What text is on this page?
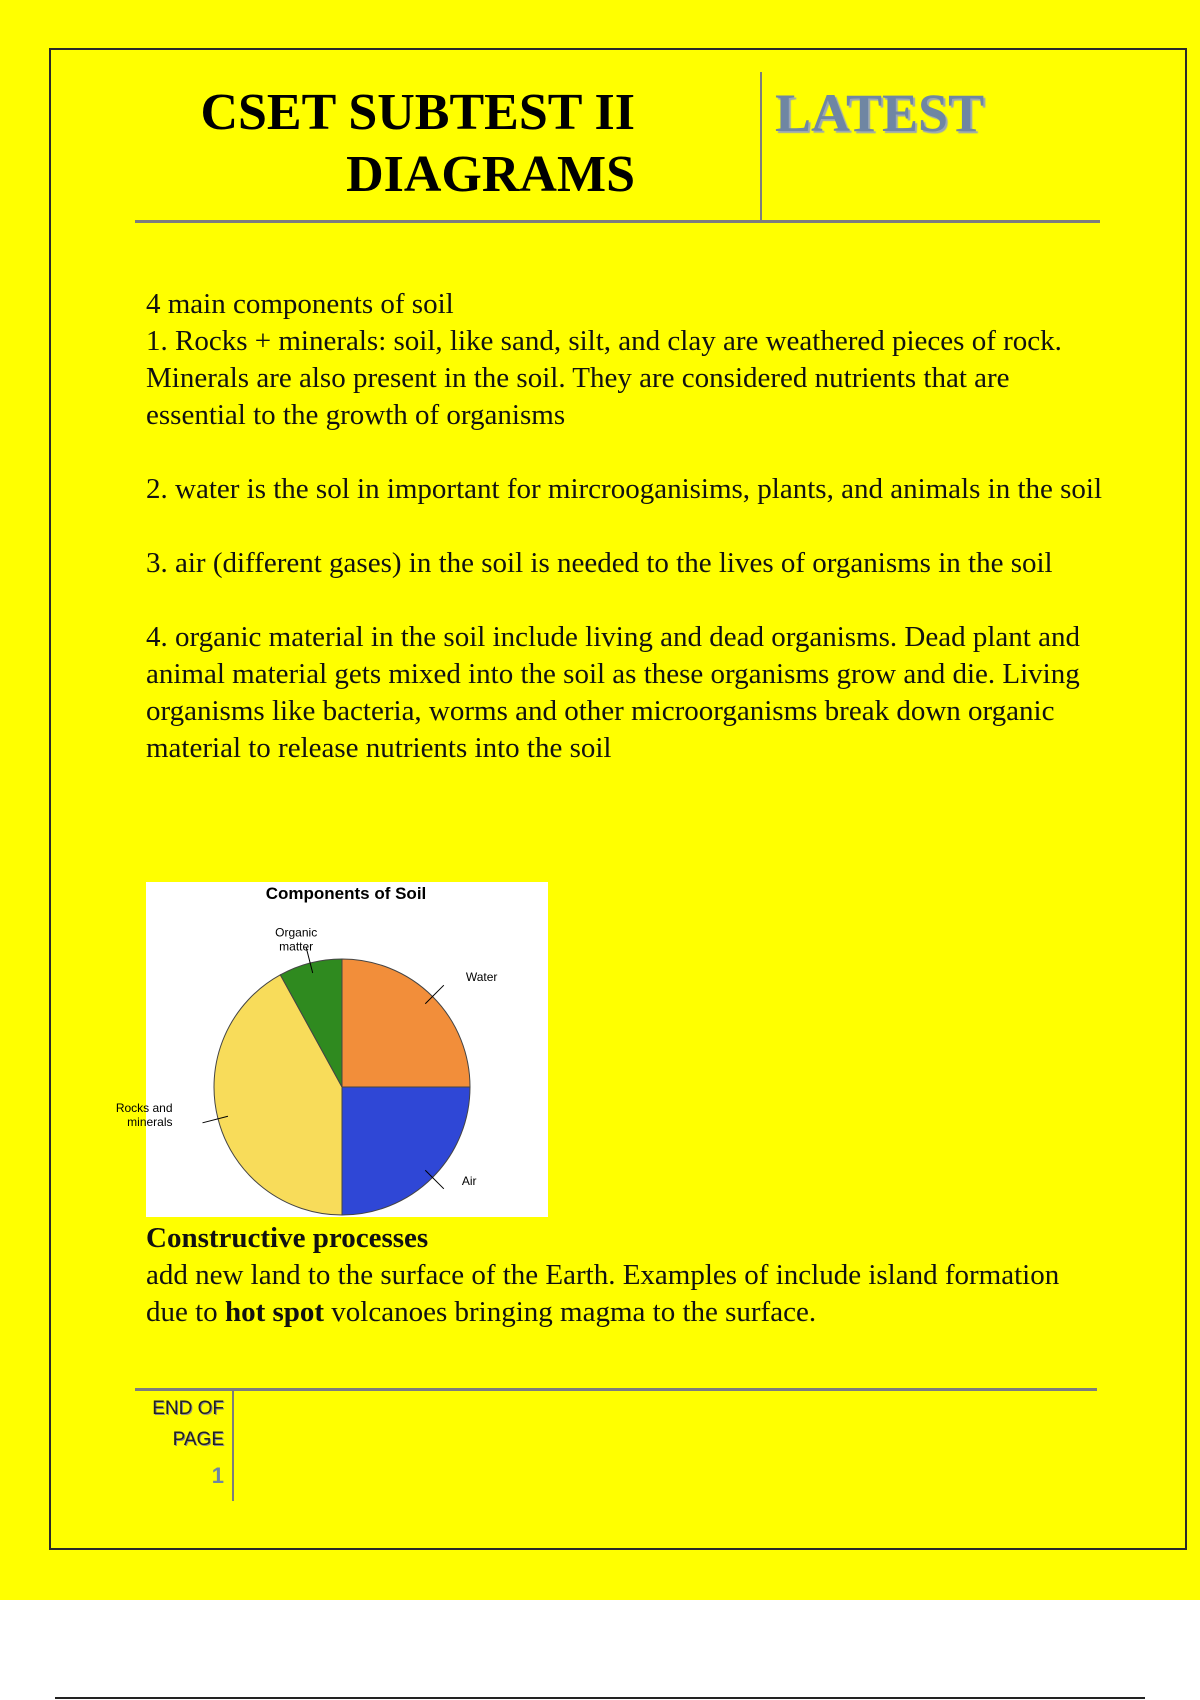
CSET SUBTEST II
DIAGRAMS
LATEST

4 main components of soil

1. Rocks + minerals: soil, like sand, silt, and clay are weathered pieces of rock. Minerals are also present in the soil. They are considered nutrients that are essential to the growth of organisms

2. water is the sol in important for mircrooganisims, plants, and animals in the soil

3. air (different gases) in the soil is needed to the lives of organisms in the soil

4. organic material in the soil include living and dead organisms. Dead plant and animal material gets mixed into the soil as these organisms grow and die. Living organisms like bacteria, worms and other microorganisms break down organic material to release nutrients into the soil

Components of Soil
Water
Air
Rocks and minerals
Organic matter

Constructive processes

add new land to the surface of the Earth. Examples of include island formation due to hot spot volcanoes bringing magma to the surface.

END OF
PAGE
1
